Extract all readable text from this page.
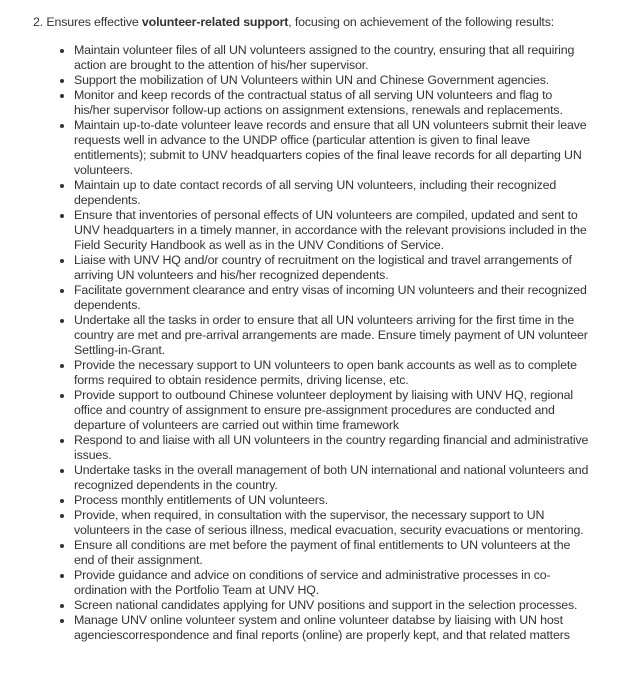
2. Ensures effective volunteer-related support, focusing on achievement of the following results:

Maintain volunteer files of all UN volunteers assigned to the country, ensuring that all requiring action are brought to the attention of his/her supervisor.
Support the mobilization of UN Volunteers within UN and Chinese Government agencies.
Monitor and keep records of the contractual status of all serving UN volunteers and flag to his/her supervisor follow-up actions on assignment extensions, renewals and replacements.
Maintain up-to-date volunteer leave records and ensure that all UN volunteers submit their leave requests well in advance to the UNDP office (particular attention is given to final leave entitlements); submit to UNV headquarters copies of the final leave records for all departing UN volunteers.
Maintain up to date contact records of all serving UN volunteers, including their recognized dependents.
Ensure that inventories of personal effects of UN volunteers are compiled, updated and sent to UNV headquarters in a timely manner, in accordance with the relevant provisions included in the Field Security Handbook as well as in the UNV Conditions of Service.
Liaise with UNV HQ and/or country of recruitment on the logistical and travel arrangements of arriving UN volunteers and his/her recognized dependents.
Facilitate government clearance and entry visas of incoming UN volunteers and their recognized dependents.
Undertake all the tasks in order to ensure that all UN volunteers arriving for the first time in the country are met and pre-arrival arrangements are made. Ensure timely payment of UN volunteer Settling-in-Grant.
Provide the necessary support to UN volunteers to open bank accounts as well as to complete forms required to obtain residence permits, driving license, etc.
Provide support to outbound Chinese volunteer deployment by liaising with UNV HQ, regional office and country of assignment to ensure pre-assignment procedures are conducted and departure of volunteers are carried out within time framework
Respond to and liaise with all UN volunteers in the country regarding financial and administrative issues.
Undertake tasks in the overall management of both UN international and national volunteers and recognized dependents in the country.
Process monthly entitlements of UN volunteers.
Provide, when required, in consultation with the supervisor, the necessary support to UN volunteers in the case of serious illness, medical evacuation, security evacuations or mentoring.
Ensure all conditions are met before the payment of final entitlements to UN volunteers at the end of their assignment.
Provide guidance and advice on conditions of service and administrative processes in co-ordination with the Portfolio Team at UNV HQ.
Screen national candidates applying for UNV positions and support in the selection processes.
Manage UNV online volunteer system and online volunteer databse by liaising with UN host agenciescorrespondence and final reports (online) are properly kept, and that related matters
